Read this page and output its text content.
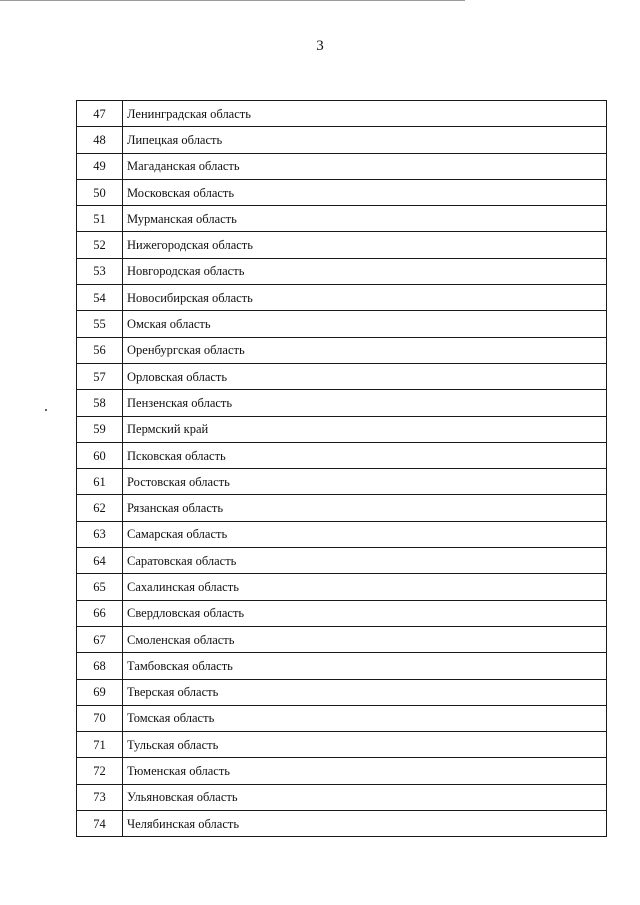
3
47	Ленинградская область
48	Липецкая область
49	Магаданская область
50	Московская область
51	Мурманская область
52	Нижегородская область
53	Новгородская область
54	Новосибирская область
55	Омская область
56	Оренбургская область
57	Орловская область
58	Пензенская область
59	Пермский край
60	Псковская область
61	Ростовская область
62	Рязанская область
63	Самарская область
64	Саратовская область
65	Сахалинская область
66	Свердловская область
67	Смоленская область
68	Тамбовская область
69	Тверская область
70	Томская область
71	Тульская область
72	Тюменская область
73	Ульяновская область
74	Челябинская область
